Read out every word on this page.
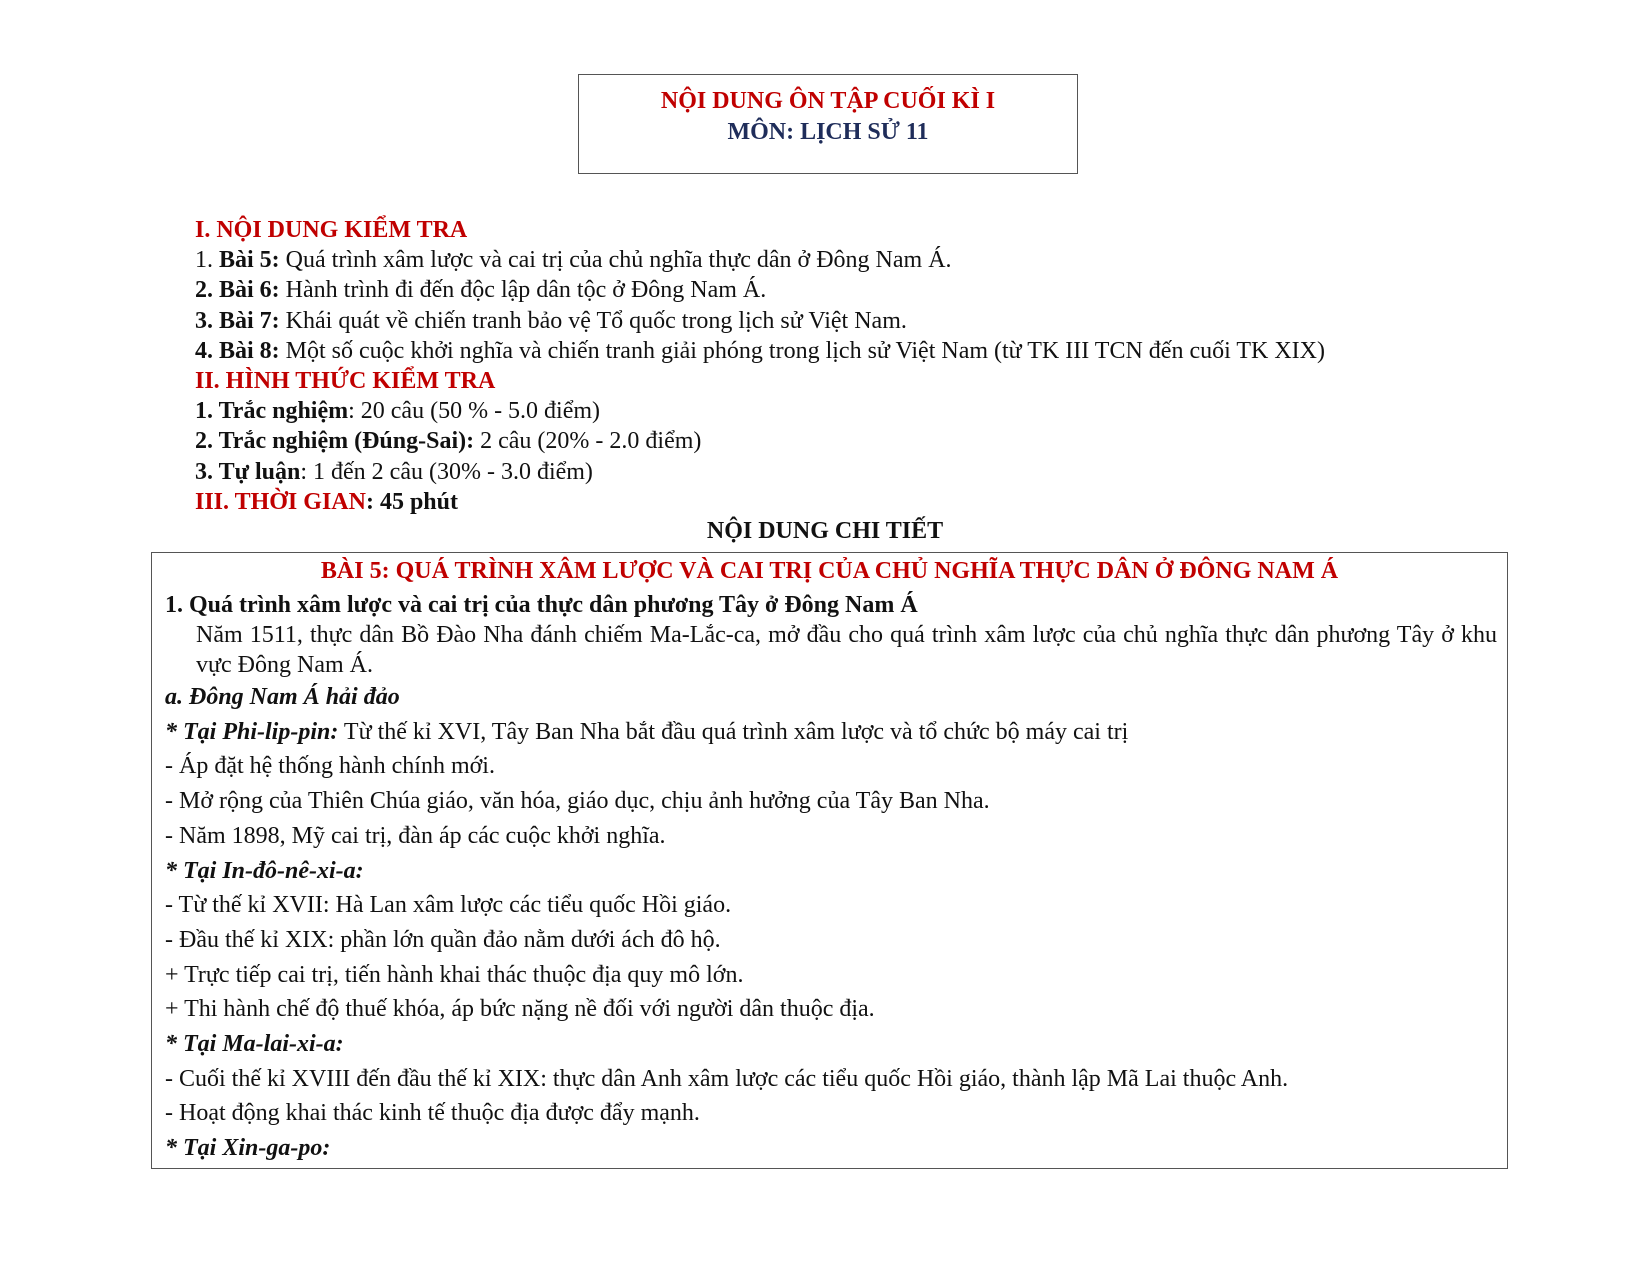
NỘI DUNG ÔN TẬP CUỐI KÌ I
MÔN: LỊCH SỬ 11
I. NỘI DUNG KIỂM TRA
1. Bài 5: Quá trình xâm lược và cai trị của chủ nghĩa thực dân ở Đông Nam Á.
2. Bài 6: Hành trình đi đến độc lập dân tộc ở Đông Nam Á.
3. Bài 7: Khái quát về chiến tranh bảo vệ Tổ quốc trong lịch sử Việt Nam.
4. Bài 8: Một số cuộc khởi nghĩa và chiến tranh giải phóng trong lịch sử Việt Nam (từ TK III TCN đến cuối TK XIX)
II. HÌNH THỨC KIỂM TRA
1. Trắc nghiệm: 20 câu (50 % - 5.0 điểm)
2. Trắc nghiệm (Đúng-Sai): 2 câu (20% - 2.0 điểm)
3. Tự luận: 1 đến 2 câu (30% - 3.0 điểm)
III. THỜI GIAN: 45 phút
NỘI DUNG CHI TIẾT
BÀI 5: QUÁ TRÌNH XÂM LƯỢC VÀ CAI TRỊ CỦA CHỦ NGHĨA THỰC DÂN Ở ĐÔNG NAM Á
1. Quá trình xâm lược và cai trị của thực dân phương Tây ở Đông Nam Á
Năm 1511, thực dân Bồ Đào Nha đánh chiếm Ma-Lắc-ca, mở đầu cho quá trình xâm lược của chủ nghĩa thực dân phương Tây ở khu vực Đông Nam Á.
a. Đông Nam Á hải đảo
* Tại Phi-lip-pin: Từ thế kỉ XVI, Tây Ban Nha bắt đầu quá trình xâm lược và tổ chức bộ máy cai trị
- Áp đặt hệ thống hành chính mới.
- Mở rộng của Thiên Chúa giáo, văn hóa, giáo dục, chịu ảnh hưởng của Tây Ban Nha.
- Năm 1898, Mỹ cai trị, đàn áp các cuộc khởi nghĩa.
* Tại In-đô-nê-xi-a:
- Từ thế kỉ XVII: Hà Lan xâm lược các tiểu quốc Hồi giáo.
- Đầu thế kỉ XIX: phần lớn quần đảo nằm dưới ách đô hộ.
+ Trực tiếp cai trị, tiến hành khai thác thuộc địa quy mô lớn.
+ Thi hành chế độ thuế khóa, áp bức nặng nề đối với người dân thuộc địa.
* Tại Ma-lai-xi-a:
- Cuối thế kỉ XVIII đến đầu thế kỉ XIX: thực dân Anh xâm lược các tiểu quốc Hồi giáo, thành lập Mã Lai thuộc Anh.
- Hoạt động khai thác kinh tế thuộc địa được đẩy mạnh.
* Tại Xin-ga-po:
